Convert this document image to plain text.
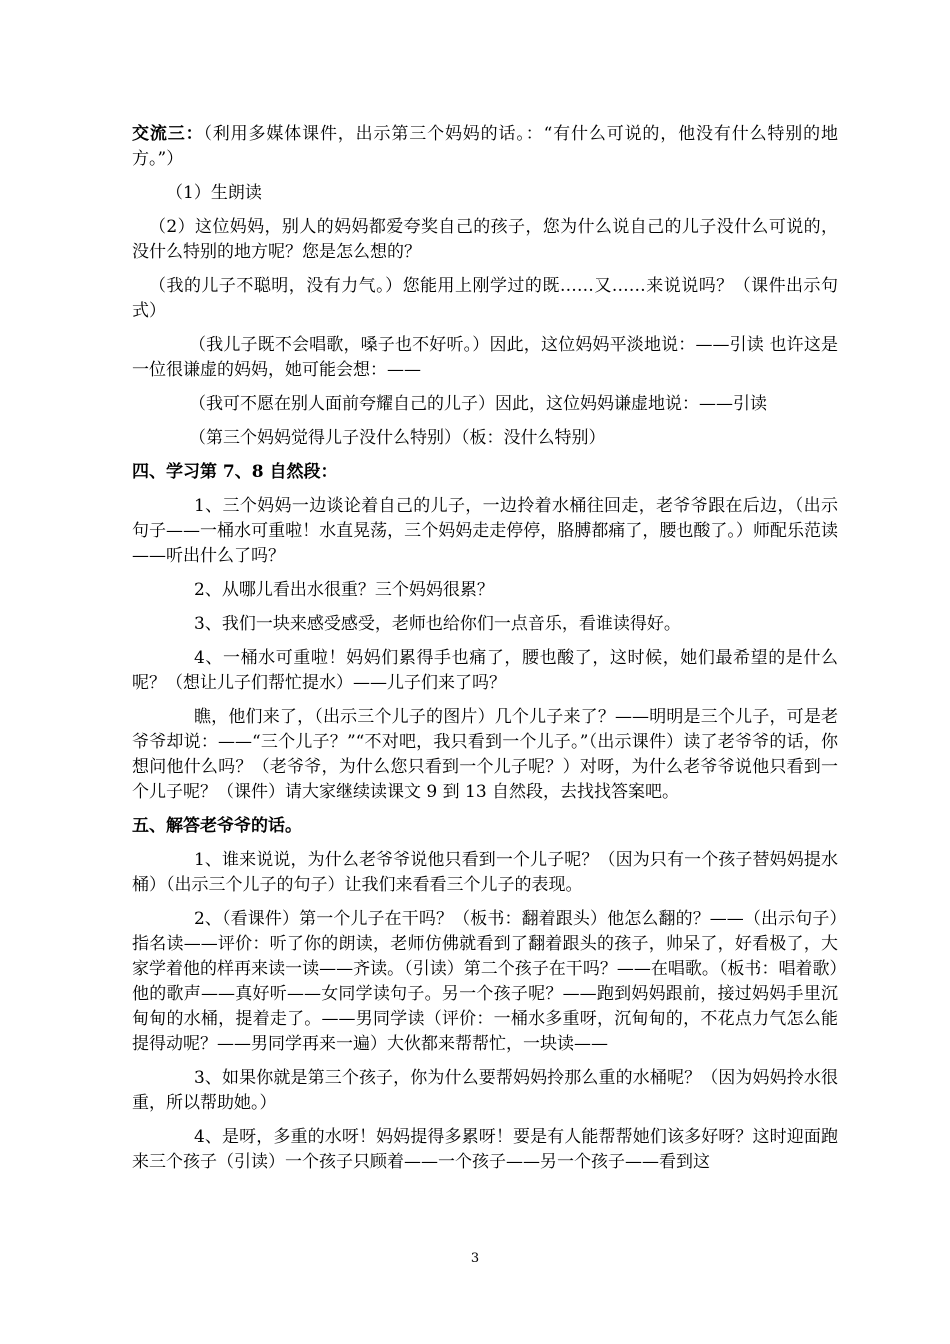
交流三：（利用多媒体课件，出示第三个妈妈的话。：“有什么可说的，他没有什么特别的地方。”）

（1）生朗读

（2）这位妈妈，别人的妈妈都爱夸奖自己的孩子，您为什么说自己的儿子没什么可说的，没什么特别的地方呢？您是怎么想的？

（我的儿子不聪明，没有力气。）您能用上刚学过的既……又……来说说吗？（课件出示句式）

（我儿子既不会唱歌，嗓子也不好听。）因此，这位妈妈平淡地说：——引读 也许这是一位很谦虚的妈妈，她可能会想：——

（我可不愿在别人面前夸耀自己的儿子）因此，这位妈妈谦虚地说：——引读

（第三个妈妈觉得儿子没什么特别）（板：没什么特别）

四、学习第 7、8 自然段：

1、三个妈妈一边谈论着自己的儿子，一边拎着水桶往回走，老爷爷跟在后边，（出示句子——一桶水可重啦！水直晃荡，三个妈妈走走停停，胳膊都痛了，腰也酸了。）师配乐范读——听出什么了吗？

2、从哪儿看出水很重？三个妈妈很累？

3、我们一块来感受感受，老师也给你们一点音乐，看谁读得好。

4、一桶水可重啦！妈妈们累得手也痛了，腰也酸了，这时候，她们最希望的是什么呢？（想让儿子们帮忙提水）——儿子们来了吗？

瞧，他们来了，（出示三个儿子的图片）几个儿子来了？——明明是三个儿子，可是老爷爷却说：——“三个儿子？”“不对吧，我只看到一个儿子。”（出示课件）读了老爷爷的话，你想问他什么吗？（老爷爷，为什么您只看到一个儿子呢？）对呀，为什么老爷爷说他只看到一个儿子呢？（课件）请大家继续读课文 9 到 13 自然段，去找找答案吧。

五、解答老爷爷的话。

1、谁来说说，为什么老爷爷说他只看到一个儿子呢？（因为只有一个孩子替妈妈提水桶）（出示三个儿子的句子）让我们来看看三个儿子的表现。

2、（看课件）第一个儿子在干吗？（板书：翻着跟头）他怎么翻的？——（出示句子）指名读——评价：听了你的朗读，老师仿佛就看到了翻着跟头的孩子，帅呆了，好看极了，大家学着他的样再来读一读——齐读。（引读）第二个孩子在干吗？——在唱歌。（板书：唱着歌）他的歌声——真好听——女同学读句子。另一个孩子呢？——跑到妈妈跟前，接过妈妈手里沉甸甸的水桶，提着走了。——男同学读（评价：一桶水多重呀，沉甸甸的，不花点力气怎么能提得动呢？——男同学再来一遍）大伙都来帮帮忙，一块读——

3、如果你就是第三个孩子，你为什么要帮妈妈拎那么重的水桶呢？（因为妈妈拎水很重，所以帮助她。）

4、是呀，多重的水呀！妈妈提得多累呀！要是有人能帮帮她们该多好呀？这时迎面跑来三个孩子（引读）一个孩子只顾着——一个孩子——另一个孩子——看到这

3
